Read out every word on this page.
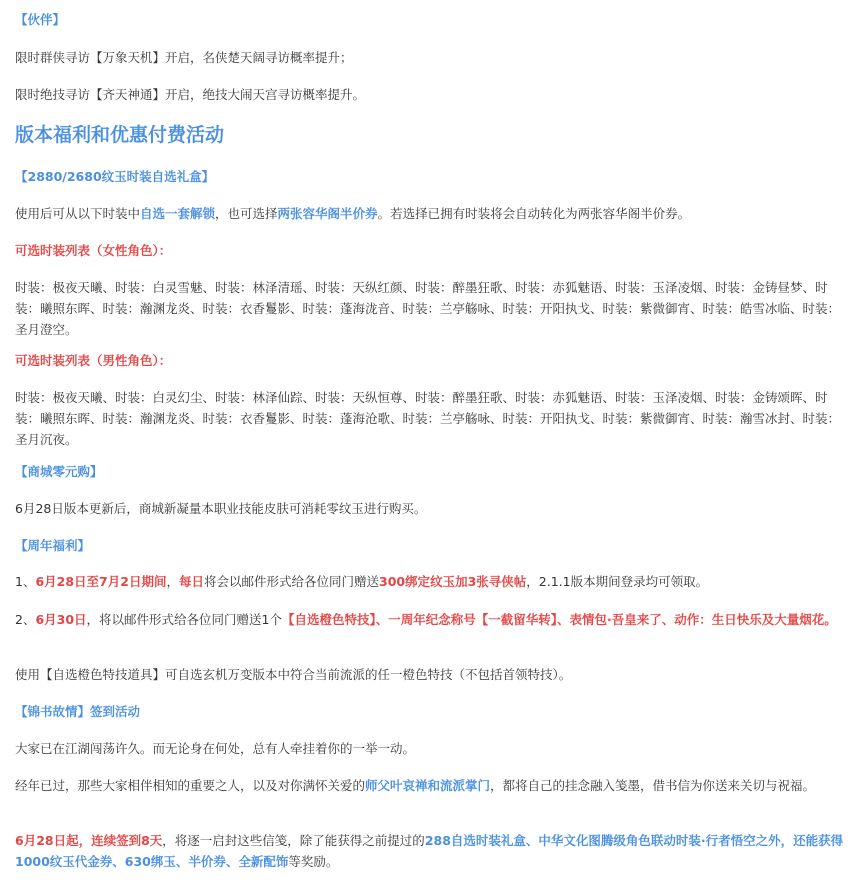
【伙伴】
限时群侠寻访【万象天机】开启，名侠楚天阔寻访概率提升；
限时绝技寻访【齐天神通】开启，绝技大闹天宫寻访概率提升。
版本福利和优惠付费活动
【2880/2680纹玉时装自选礼盒】
使用后可从以下时装中自选一套解锁，也可选择两张容华阁半价券。若选择已拥有时装将会自动转化为两张容华阁半价券。
可选时装列表（女性角色）：
时装：极夜天曦、时装：白灵雪魅、时装：林泽清瑶、时装：天纵红颜、时装：醉墨狂歌、时装：赤狐魅语、时装：玉泽凌烟、时装：金铸昼梦、时装：曦照东晖、时装：瀚渊龙炎、时装：衣香鬘影、时装：蓬海泷音、时装：兰亭觞咏、时装：开阳执戈、时装：紫微御宵、时装：皓雪冰临、时装：圣月澄空。
可选时装列表（男性角色）：
时装：极夜天曦、时装：白灵幻尘、时装：林泽仙踪、时装：天纵恒尊、时装：醉墨狂歌、时装：赤狐魅语、时装：玉泽凌烟、时装：金铸颂晖、时装：曦照东晖、时装：瀚渊龙炎、时装：衣香鬘影、时装：蓬海沧歌、时装：兰亭觞咏、时装：开阳执戈、时装：紫微御宵、时装：瀚雪冰封、时装：圣月沉夜。
【商城零元购】
6月28日版本更新后，商城新凝量本职业技能皮肤可消耗零纹玉进行购买。
【周年福利】
1、6月28日至7月2日期间，每日将会以邮件形式给各位同门赠送300绑定纹玉加3张寻侠帖，2.1.1版本期间登录均可领取。
2、6月30日，将以邮件形式给各位同门赠送1个【自选橙色特技】、一周年纪念称号【一截留华转】、表情包·吾皇来了、动作：生日快乐及大量烟花。
使用【自选橙色特技道具】可自选玄机万变版本中符合当前流派的任一橙色特技（不包括首领特技）。
【锦书故情】签到活动
大家已在江湖闯荡许久。而无论身在何处，总有人牵挂着你的一举一动。
经年已过，那些大家相伴相知的重要之人，以及对你满怀关爱的师父叶哀禅和流派掌门，都将自己的挂念融入笺墨，借书信为你送来关切与祝福。
6月28日起，连续签到8天，将逐一启封这些信笺，除了能获得之前提过的288自选时装礼盒、中华文化图腾级角色联动时装·行者悟空之外，还能获得1000纹玉代金券、630绑玉、半价券、全新配饰等奖励。
